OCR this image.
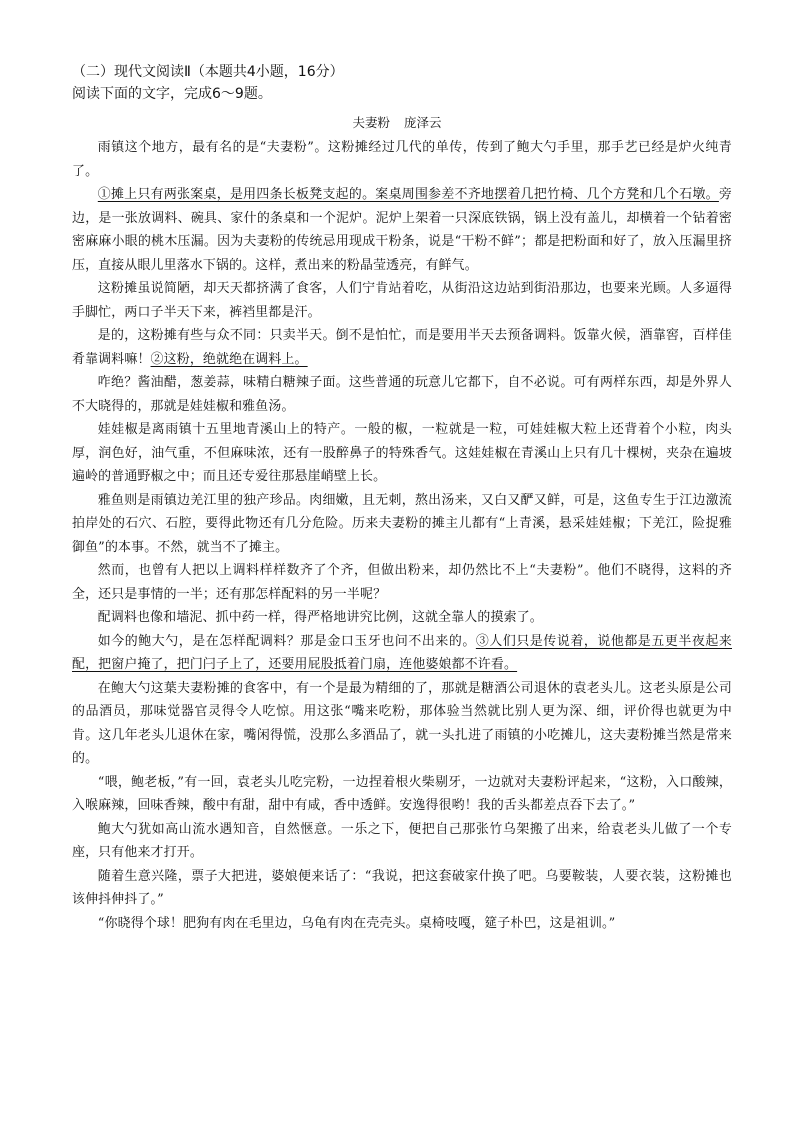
（二）现代文阅读Ⅱ（本题共4小题，16分）
阅读下面的文字，完成6～9题。
夫妻粉 庞泽云

雨镇这个地方，最有名的是“夫妻粉”。这粉摊经过几代的单传，传到了鲍大勺手里，那手艺已经是炉火纯青了。

①摊上只有两张案桌，是用四条长板凳支起的。案桌周围参差不齐地摆着几把竹椅、几个方凳和几个石墩。旁边，是一张放调料、碗具、家什的条桌和一个泥炉。泥炉上架着一只深底铁锅，锅上没有盖儿，却横着一个钻着密密麻麻小眼的桃木压漏。因为夫妻粉的传统忌用现成干粉条，说是“干粉不鲜”；都是把粉面和好了，放入压漏里挤压，直接从眼儿里落水下锅的。这样，煮出来的粉晶莹透亮，有鲜气。

这粉摊虽说简陋，却天天都挤满了食客，人们宁肯站着吃，从街沿这边站到街沿那边，也要来光顾。人多逼得手脚忙，两口子半天下来，裤裆里都是汗。

是的，这粉摊有些与众不同：只卖半天。倒不是怕忙，而是要用半天去预备调料。饭靠火候，酒靠窖，百样佳肴靠调料嘛！②这粉，绝就绝在调料上。

咋绝？酱油醋，葱姜蒜，味精白糖辣子面。这些普通的玩意儿它都下，自不必说。可有两样东西，却是外界人不大晓得的，那就是娃娃椒和雅鱼汤。

娃娃椒是离雨镇十五里地青溪山上的特产。一般的椒，一粒就是一粒，可娃娃椒大粒上还背着个小粒，肉头厚，润色好，油气重，不但麻味浓，还有一股醉鼻子的特殊香气。这娃娃椒在青溪山上只有几十棵树，夹杂在遍坡遍岭的普通野椒之中；而且还专爱往那悬崖峭壁上长。

雅鱼则是雨镇边羌江里的独产珍品。肉细嫩，且无刺，熬出汤来，又白又酽又鲜，可是，这鱼专生于江边激流拍岸处的石穴、石腔，要得此物还有几分危险。历来夫妻粉的摊主儿都有“上青溪，悬采娃娃椒；下羌江，险捉雅御鱼”的本事。不然，就当不了摊主。

然而，也曾有人把以上调料样样数齐了个齐，但做出粉来，却仍然比不上“夫妻粉”。他们不晓得，这料的齐全，还只是事情的一半；还有那怎样配料的另一半呢？

配调料也像和墙泥、抓中药一样，得严格地讲究比例，这就全靠人的摸索了。

如今的鲍大勺，是在怎样配调料？那是金口玉牙也问不出来的。③人们只是传说着，说他都是五更半夜起来配，把窗户掩了，把门闩子上了，还要用屁股抵着门扇，连他婆娘都不许看。

在鲍大勺这葉夫妻粉摊的食客中，有一个是最为精细的了，那就是糖酒公司退休的袁老头儿。这老头原是公司的品酒员，那味觉器官灵得令人吃惊。用这张“嘴来吃粉，那体验当然就比别人更为深、细，评价得也就更为中肯。这几年老头儿退休在家，嘴闲得慌，没那么多酒品了，就一头扎进了雨镇的小吃摊儿，这夫妻粉摊当然是常来的。

“喂，鲍老板，”有一回，袁老头儿吃完粉，一边捏着根火柴剔牙，一边就对夫妻粉评起来，“这粉，入口酸辣，入喉麻辣，回味香辣，酸中有甜，甜中有咸，香中透鲜。安逸得很哟！我的舌头都差点吞下去了。”

鲍大勺犹如高山流水遇知音，自然惬意。一乐之下，便把自己那张竹乌架搬了出来，给袁老头儿做了一个专座，只有他来才打开。

随着生意兴隆，票子大把进，婆娘便来话了：“我说，把这套破家什换了吧。乌要鞍装，人要衣装，这粉摊也该伸抖伸抖了。”

“你晓得个球！肥狗有肉在毛里边，乌龟有肉在壳壳头。桌椅吱嘎，筵子朴巴，这是祖训。”
